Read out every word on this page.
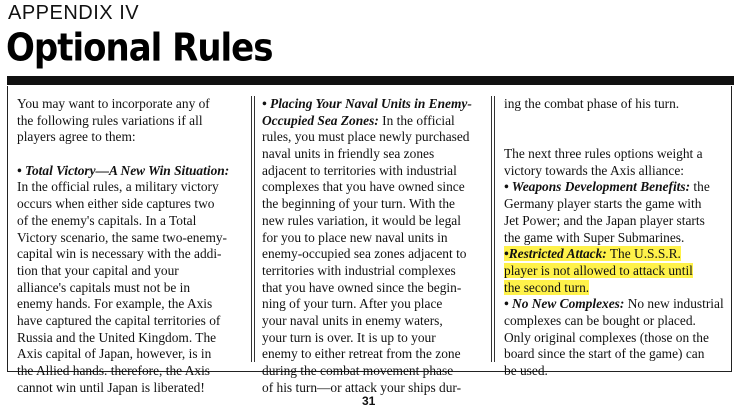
APPENDIX IV
Optional Rules
You may want to incorporate any of
the following rules variations if all
players agree to them:
• Total Victory—A New Win Situation:
In the official rules, a military victory
occurs when either side captures two
of the enemy's capitals. In a Total
Victory scenario, the same two-enemy-
capital win is necessary with the addi-
tion that your capital and your
alliance's capitals must not be in
enemy hands. For example, the Axis
have captured the capital territories of
Russia and the United Kingdom. The
Axis capital of Japan, however, is in
the Allied hands. therefore, the Axis
cannot win until Japan is liberated!
• Placing Your Naval Units in Enemy-
Occupied Sea Zones: In the official
rules, you must place newly purchased
naval units in friendly sea zones
adjacent to territories with industrial
complexes that you have owned since
the beginning of your turn. With the
new rules variation, it would be legal
for you to place new naval units in
enemy-occupied sea zones adjacent to
territories with industrial complexes
that you have owned since the begin-
ning of your turn. After you place
your naval units in enemy waters,
your turn is over. It is up to your
enemy to either retreat from the zone
during the combat movement phase
of his turn—or attack your ships dur-
ing the combat phase of his turn.
The next three rules options weight a
victory towards the Axis alliance:
• Weapons Development Benefits: the
Germany player starts the game with
Jet Power; and the Japan player starts
the game with Super Submarines.
•Restricted Attack: The U.S.S.R.
player is not allowed to attack until
the second turn.
• No New Complexes: No new industrial
complexes can be bought or placed.
Only original complexes (those on the
board since the start of the game) can
be used.
31
